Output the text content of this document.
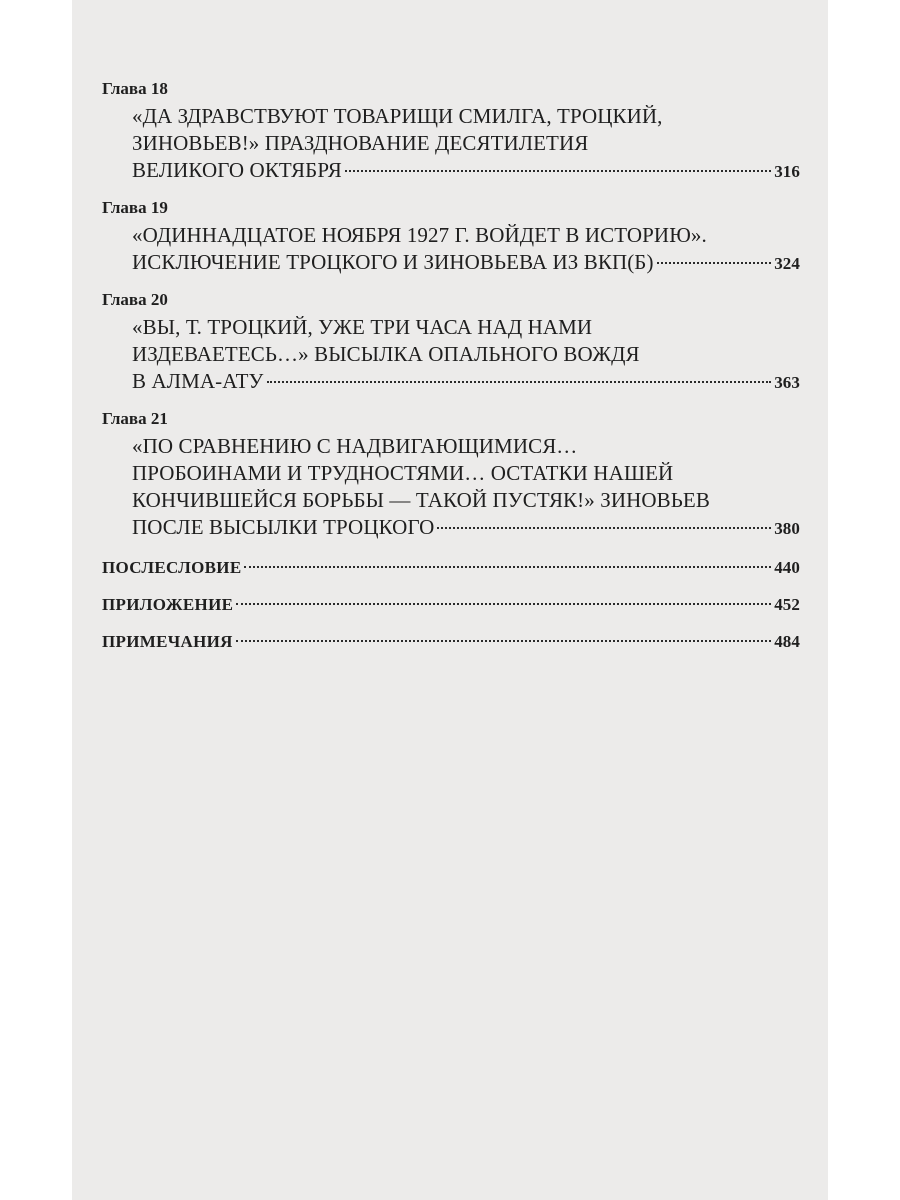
Глава 18
«ДА ЗДРАВСТВУЮТ ТОВАРИЩИ СМИЛГА, ТРОЦКИЙ,
ЗИНОВЬЕВ!» ПРАЗДНОВАНИЕ ДЕСЯТИЛЕТИЯ
ВЕЛИКОГО ОКТЯБРЯ	316
Глава 19
«ОДИННАДЦАТОЕ НОЯБРЯ 1927 Г. ВОЙДЕТ В ИСТОРИЮ».
ИСКЛЮЧЕНИЕ ТРОЦКОГО И ЗИНОВЬЕВА ИЗ ВКП(Б)	324
Глава 20
«ВЫ, Т. ТРОЦКИЙ, УЖЕ ТРИ ЧАСА НАД НАМИ
ИЗДЕВАЕТЕСЬ…» ВЫСЫЛКА ОПАЛЬНОГО ВОЖДЯ
В АЛМА-АТУ	363
Глава 21
«ПО СРАВНЕНИЮ С НАДВИГАЮЩИМИСЯ…
ПРОБОИНАМИ И ТРУДНОСТЯМИ… ОСТАТКИ НАШЕЙ
КОНЧИВШЕЙСЯ БОРЬБЫ — ТАКОЙ ПУСТЯК!» ЗИНОВЬЕВ
ПОСЛЕ ВЫСЫЛКИ ТРОЦКОГО	380
ПОСЛЕСЛОВИЕ	440
ПРИЛОЖЕНИЕ	452
ПРИМЕЧАНИЯ	484
